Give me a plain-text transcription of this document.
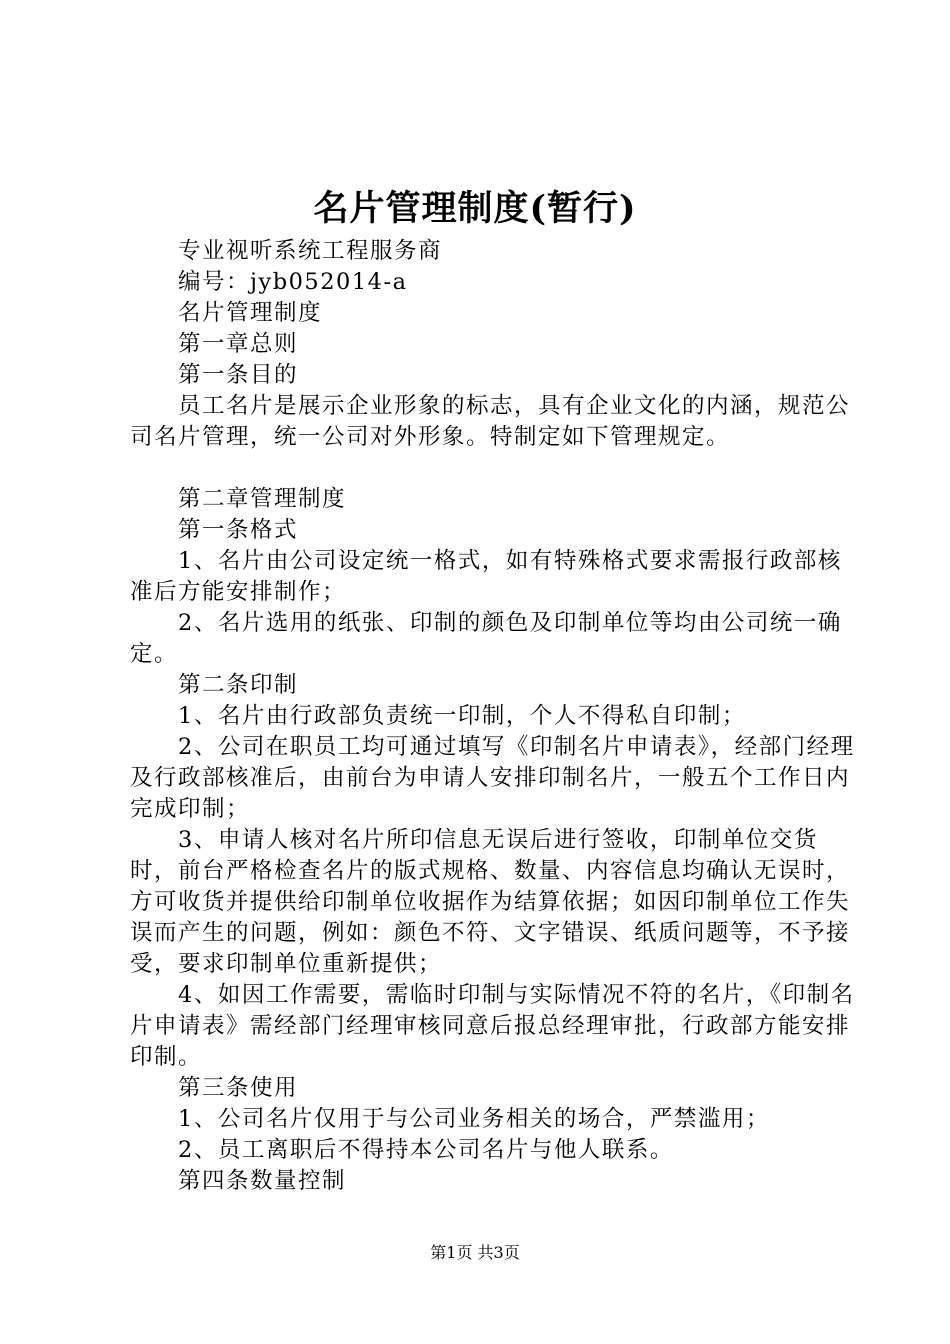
名片管理制度(暂行)

专业视听系统工程服务商

编号：jyb052014-a

名片管理制度

第一章总则

第一条目的

员工名片是展示企业形象的标志，具有企业文化的内涵，规范公司名片管理，统一公司对外形象。特制定如下管理规定。

第二章管理制度

第一条格式

1、名片由公司设定统一格式，如有特殊格式要求需报行政部核准后方能安排制作；

2、名片选用的纸张、印制的颜色及印制单位等均由公司统一确定。

第二条印制

1、名片由行政部负责统一印制，个人不得私自印制；

2、公司在职员工均可通过填写《印制名片申请表》，经部门经理及行政部核准后，由前台为申请人安排印制名片，一般五个工作日内完成印制；

3、申请人核对名片所印信息无误后进行签收，印制单位交货时，前台严格检查名片的版式规格、数量、内容信息均确认无误时，方可收货并提供给印制单位收据作为结算依据；如因印制单位工作失误而产生的问题，例如：颜色不符、文字错误、纸质问题等，不予接受，要求印制单位重新提供；

4、如因工作需要，需临时印制与实际情况不符的名片，《印制名片申请表》需经部门经理审核同意后报总经理审批，行政部方能安排印制。

第三条使用

1、公司名片仅用于与公司业务相关的场合，严禁滥用；

2、员工离职后不得持本公司名片与他人联系。

第四条数量控制

第1页 共3页
